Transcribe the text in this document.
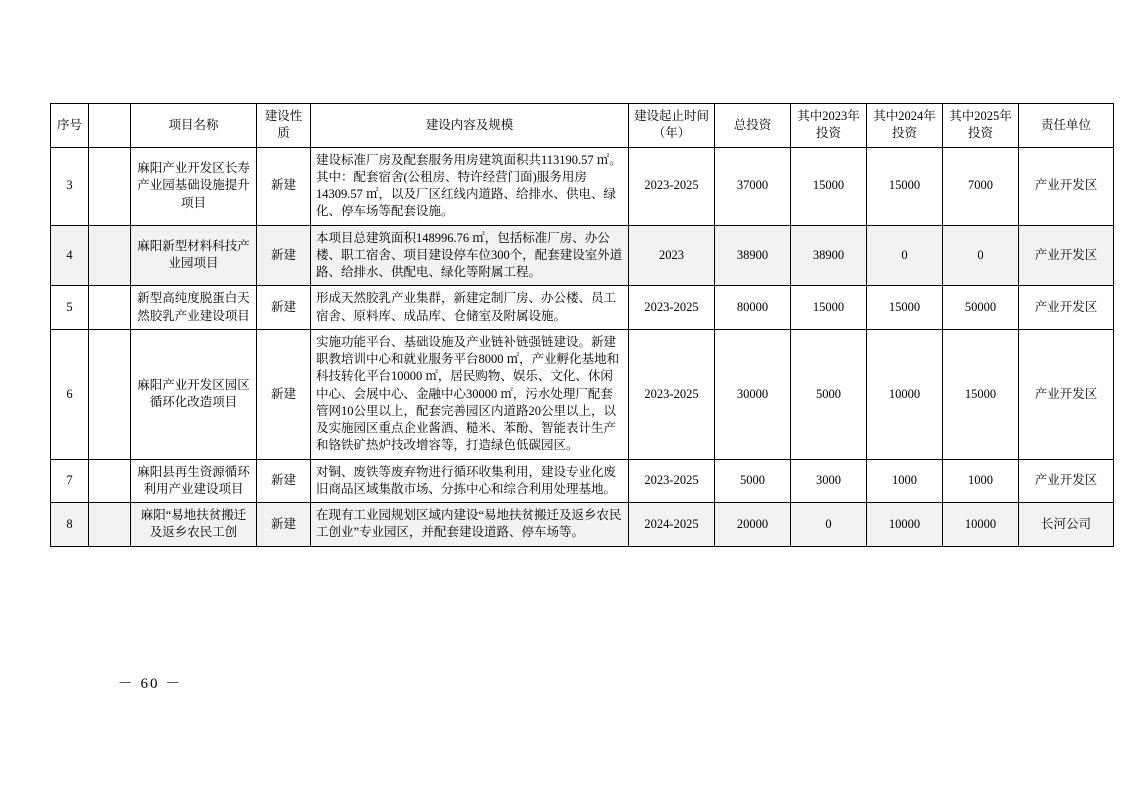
序号		项目名称	建设性质	建设内容及规模	建设起止时间（年）	总投资	其中2023年投资	其中2024年投资	其中2025年投资	责任单位
3		麻阳产业开发区长寿产业园基础设施提升项目	新建	建设标准厂房及配套服务用房建筑面积共113190.57 ㎡。其中：配套宿舍(公租房、特许经营门面)服务用房14309.57 ㎡，以及厂区红线内道路、给排水、供电、绿化、停车场等配套设施。	2023-2025	37000	15000	15000	7000	产业开发区
4		麻阳新型材料科技产业园项目	新建	本项目总建筑面积148996.76 ㎡，包括标准厂房、办公楼、职工宿舍、项目建设停车位300个，配套建设室外道路、给排水、供配电、绿化等附属工程。	2023	38900	38900	0	0	产业开发区
5		新型高纯度脱蛋白天然胶乳产业建设项目	新建	形成天然胶乳产业集群，新建定制厂房、办公楼、员工宿舍、原料库、成品库、仓储室及附属设施。	2023-2025	80000	15000	15000	50000	产业开发区
6		麻阳产业开发区园区循环化改造项目	新建	实施功能平台、基础设施及产业链补链强链建设。新建职教培训中心和就业服务平台8000 ㎡，产业孵化基地和科技转化平台10000 ㎡，居民购物、娱乐、文化、休闲中心、会展中心、金融中心30000 ㎡，污水处理厂配套管网10公里以上，配套完善园区内道路20公里以上，以及实施园区重点企业酱酒、糙米、苯酚、智能表计生产和铬铁矿热炉技改增容等，打造绿色低碳园区。	2023-2025	30000	5000	10000	15000	产业开发区
7		麻阳县再生资源循环利用产业建设项目	新建	对铜、废铁等废弃物进行循环收集利用，建设专业化废旧商品区域集散市场、分拣中心和综合利用处理基地。	2023-2025	5000	3000	1000	1000	产业开发区
8		麻阳“易地扶贫搬迁及返乡农民工创	新建	在现有工业园规划区域内建设“易地扶贫搬迁及返乡农民工创业”专业园区，并配套建设道路、停车场等。	2024-2025	20000	0	10000	10000	长河公司
－ 60 －
